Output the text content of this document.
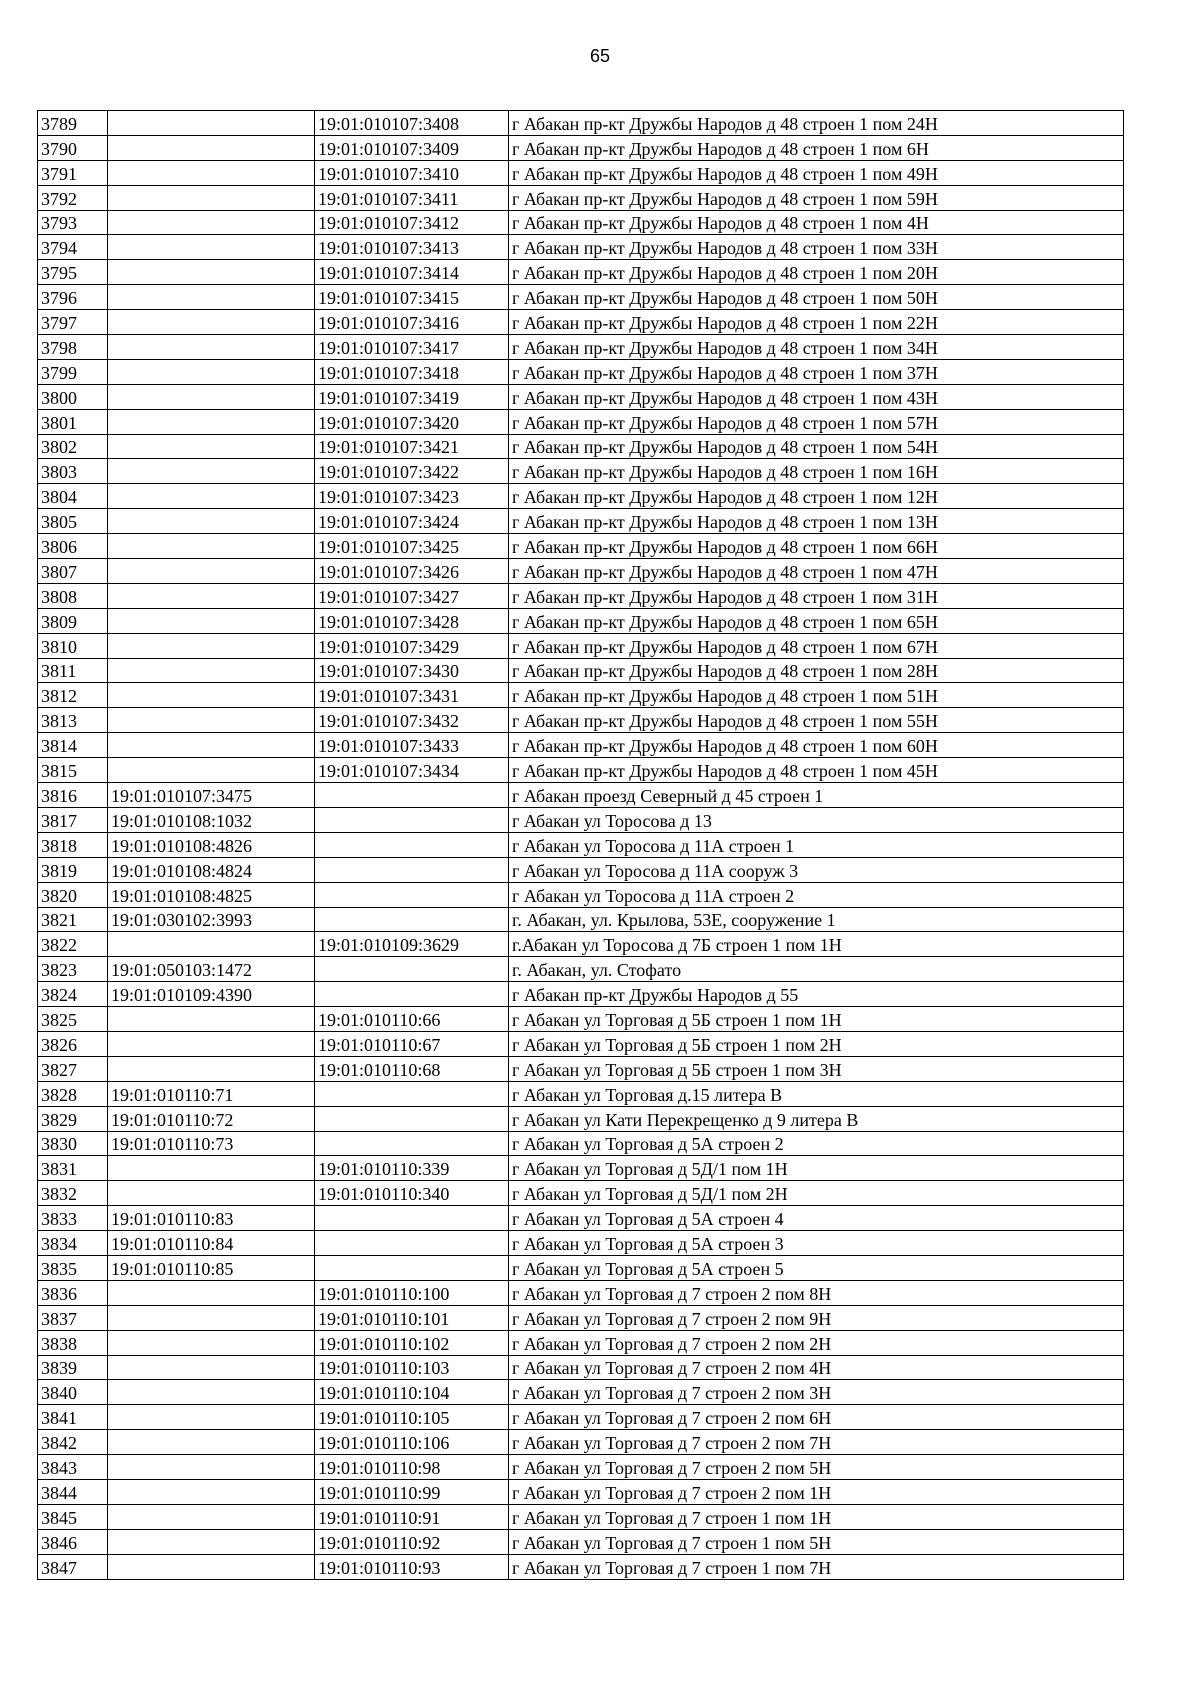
65
3789		19:01:010107:3408	г Абакан пр-кт Дружбы Народов д 48 строен 1 пом 24Н
3790		19:01:010107:3409	г Абакан пр-кт Дружбы Народов д 48 строен 1 пом 6Н
3791		19:01:010107:3410	г Абакан пр-кт Дружбы Народов д 48 строен 1 пом 49Н
3792		19:01:010107:3411	г Абакан пр-кт Дружбы Народов д 48 строен 1 пом 59Н
3793		19:01:010107:3412	г Абакан пр-кт Дружбы Народов д 48 строен 1 пом 4Н
3794		19:01:010107:3413	г Абакан пр-кт Дружбы Народов д 48 строен 1 пом 33Н
3795		19:01:010107:3414	г Абакан пр-кт Дружбы Народов д 48 строен 1 пом 20Н
3796		19:01:010107:3415	г Абакан пр-кт Дружбы Народов д 48 строен 1 пом 50Н
3797		19:01:010107:3416	г Абакан пр-кт Дружбы Народов д 48 строен 1 пом 22Н
3798		19:01:010107:3417	г Абакан пр-кт Дружбы Народов д 48 строен 1 пом 34Н
3799		19:01:010107:3418	г Абакан пр-кт Дружбы Народов д 48 строен 1 пом 37Н
3800		19:01:010107:3419	г Абакан пр-кт Дружбы Народов д 48 строен 1 пом 43Н
3801		19:01:010107:3420	г Абакан пр-кт Дружбы Народов д 48 строен 1 пом 57Н
3802		19:01:010107:3421	г Абакан пр-кт Дружбы Народов д 48 строен 1 пом 54Н
3803		19:01:010107:3422	г Абакан пр-кт Дружбы Народов д 48 строен 1 пом 16Н
3804		19:01:010107:3423	г Абакан пр-кт Дружбы Народов д 48 строен 1 пом 12Н
3805		19:01:010107:3424	г Абакан пр-кт Дружбы Народов д 48 строен 1 пом 13Н
3806		19:01:010107:3425	г Абакан пр-кт Дружбы Народов д 48 строен 1 пом 66Н
3807		19:01:010107:3426	г Абакан пр-кт Дружбы Народов д 48 строен 1 пом 47Н
3808		19:01:010107:3427	г Абакан пр-кт Дружбы Народов д 48 строен 1 пом 31Н
3809		19:01:010107:3428	г Абакан пр-кт Дружбы Народов д 48 строен 1 пом 65Н
3810		19:01:010107:3429	г Абакан пр-кт Дружбы Народов д 48 строен 1 пом 67Н
3811		19:01:010107:3430	г Абакан пр-кт Дружбы Народов д 48 строен 1 пом 28Н
3812		19:01:010107:3431	г Абакан пр-кт Дружбы Народов д 48 строен 1 пом 51Н
3813		19:01:010107:3432	г Абакан пр-кт Дружбы Народов д 48 строен 1 пом 55Н
3814		19:01:010107:3433	г Абакан пр-кт Дружбы Народов д 48 строен 1 пом 60Н
3815		19:01:010107:3434	г Абакан пр-кт Дружбы Народов д 48 строен 1 пом 45Н
3816	19:01:010107:3475		г Абакан проезд Северный д 45 строен 1
3817	19:01:010108:1032		г Абакан ул Торосова д 13
3818	19:01:010108:4826		г Абакан ул Торосова д 11А строен 1
3819	19:01:010108:4824		г Абакан ул Торосова д 11А сооруж 3
3820	19:01:010108:4825		г Абакан ул Торосова д 11А строен 2
3821	19:01:030102:3993		г. Абакан, ул. Крылова, 53Е, сооружение 1
3822		19:01:010109:3629	г.Абакан ул Торосова д 7Б строен 1 пом 1Н
3823	19:01:050103:1472		г. Абакан, ул. Стофато
3824	19:01:010109:4390		г Абакан пр-кт Дружбы Народов д 55
3825		19:01:010110:66	г Абакан ул Торговая д 5Б строен 1 пом 1Н
3826		19:01:010110:67	г Абакан ул Торговая д 5Б строен 1 пом 2Н
3827		19:01:010110:68	г Абакан ул Торговая д 5Б строен 1 пом 3Н
3828	19:01:010110:71		г Абакан ул Торговая д.15 литера В
3829	19:01:010110:72		г Абакан ул Кати Перекрещенко д 9 литера В
3830	19:01:010110:73		г Абакан ул Торговая д 5А строен 2
3831		19:01:010110:339	г Абакан ул Торговая д 5Д/1 пом 1Н
3832		19:01:010110:340	г Абакан ул Торговая д 5Д/1 пом 2Н
3833	19:01:010110:83		г Абакан ул Торговая д 5А строен 4
3834	19:01:010110:84		г Абакан ул Торговая д 5А строен 3
3835	19:01:010110:85		г Абакан ул Торговая д 5А строен 5
3836		19:01:010110:100	г Абакан ул Торговая д 7 строен 2 пом 8Н
3837		19:01:010110:101	г Абакан ул Торговая д 7 строен 2 пом 9Н
3838		19:01:010110:102	г Абакан ул Торговая д 7 строен 2 пом 2Н
3839		19:01:010110:103	г Абакан ул Торговая д 7 строен 2 пом 4Н
3840		19:01:010110:104	г Абакан ул Торговая д 7 строен 2 пом 3Н
3841		19:01:010110:105	г Абакан ул Торговая д 7 строен 2 пом 6Н
3842		19:01:010110:106	г Абакан ул Торговая д 7 строен 2 пом 7Н
3843		19:01:010110:98	г Абакан ул Торговая д 7 строен 2 пом 5Н
3844		19:01:010110:99	г Абакан ул Торговая д 7 строен 2 пом 1Н
3845		19:01:010110:91	г Абакан ул Торговая д 7 строен 1 пом 1Н
3846		19:01:010110:92	г Абакан ул Торговая д 7 строен 1 пом 5Н
3847		19:01:010110:93	г Абакан ул Торговая д 7 строен 1 пом 7Н
